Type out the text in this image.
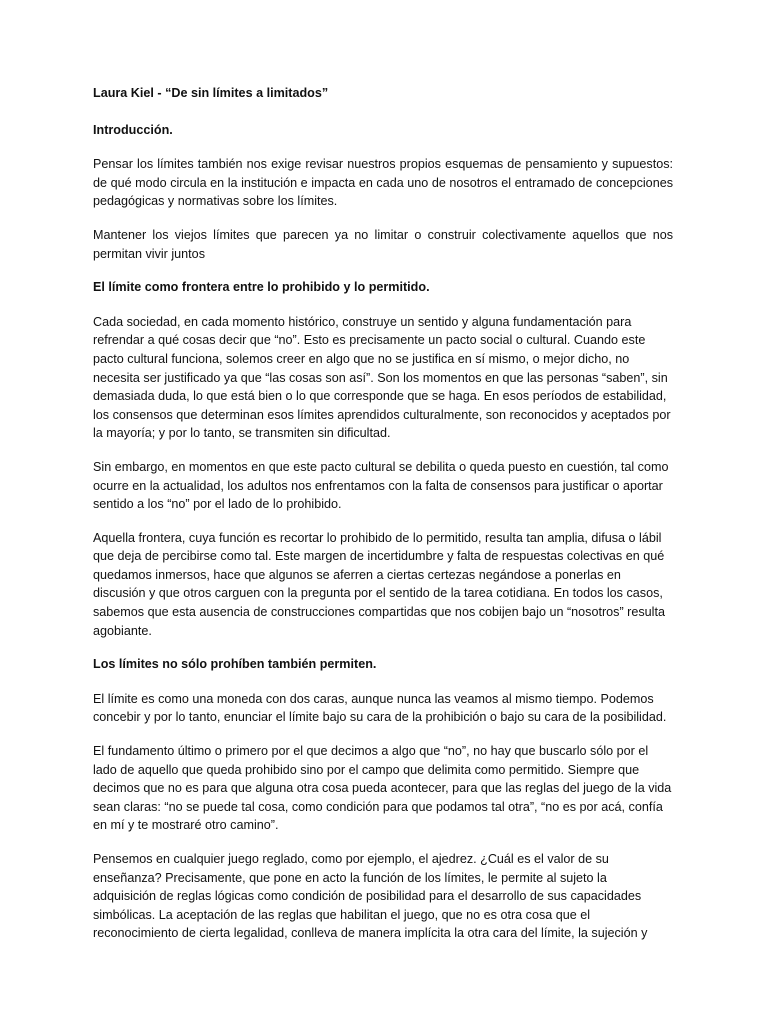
Laura Kiel - “De sin límites a limitados”

Introducción.

Pensar los límites también nos exige revisar nuestros propios esquemas de pensamiento y supuestos: de qué modo circula en la institución e impacta en cada uno de nosotros el entramado de concepciones pedagógicas y normativas sobre los límites.

Mantener los viejos límites que parecen ya no limitar o construir colectivamente aquellos que nos permitan vivir juntos

El límite como frontera entre lo prohibido y lo permitido.

Cada sociedad, en cada momento histórico, construye un sentido y alguna fundamentación para refrendar a qué cosas decir que “no”. Esto es precisamente un pacto social o cultural. Cuando este pacto cultural funciona, solemos creer en algo que no se justifica en sí mismo, o mejor dicho, no necesita ser justificado ya que “las cosas son así”. Son los momentos en que las personas “saben”, sin demasiada duda, lo que está bien o lo que corresponde que se haga. En esos períodos de estabilidad, los consensos que determinan esos límites aprendidos culturalmente, son reconocidos y aceptados por la mayoría; y por lo tanto, se transmiten sin dificultad.

Sin embargo, en momentos en que este pacto cultural se debilita o queda puesto en cuestión, tal como ocurre en la actualidad, los adultos nos enfrentamos con la falta de consensos para justificar o aportar sentido a los “no” por el lado de lo prohibido.

Aquella frontera, cuya función es recortar lo prohibido de lo permitido, resulta tan amplia, difusa o lábil que deja de percibirse como tal. Este margen de incertidumbre y falta de respuestas colectivas en qué quedamos inmersos, hace que algunos se aferren a ciertas certezas negándose a ponerlas en discusión y que otros carguen con la pregunta por el sentido de la tarea cotidiana. En todos los casos, sabemos que esta ausencia de construcciones compartidas que nos cobijen bajo un “nosotros” resulta agobiante.

Los límites no sólo prohíben también permiten.

El límite es como una moneda con dos caras, aunque nunca las veamos al mismo tiempo. Podemos concebir y por lo tanto, enunciar el límite bajo su cara de la prohibición o bajo su cara de la posibilidad.

El fundamento último o primero por el que decimos a algo que “no”, no hay que buscarlo sólo por el lado de aquello que queda prohibido sino por el campo que delimita como permitido. Siempre que decimos que no es para que alguna otra cosa pueda acontecer, para que las reglas del juego de la vida sean claras: “no se puede tal cosa, como condición para que podamos tal otra”, “no es por acá, confía en mí y te mostraré otro camino”.

Pensemos en cualquier juego reglado, como por ejemplo, el ajedrez. ¿Cuál es el valor de su enseñanza? Precisamente, que pone en acto la función de los límites, le permite al sujeto la adquisición de reglas lógicas como condición de posibilidad para el desarrollo de sus capacidades simbólicas. La aceptación de las reglas que habilitan el juego, que no es otra cosa que el reconocimiento de cierta legalidad, conlleva de manera implícita la otra cara del límite, la sujeción y
